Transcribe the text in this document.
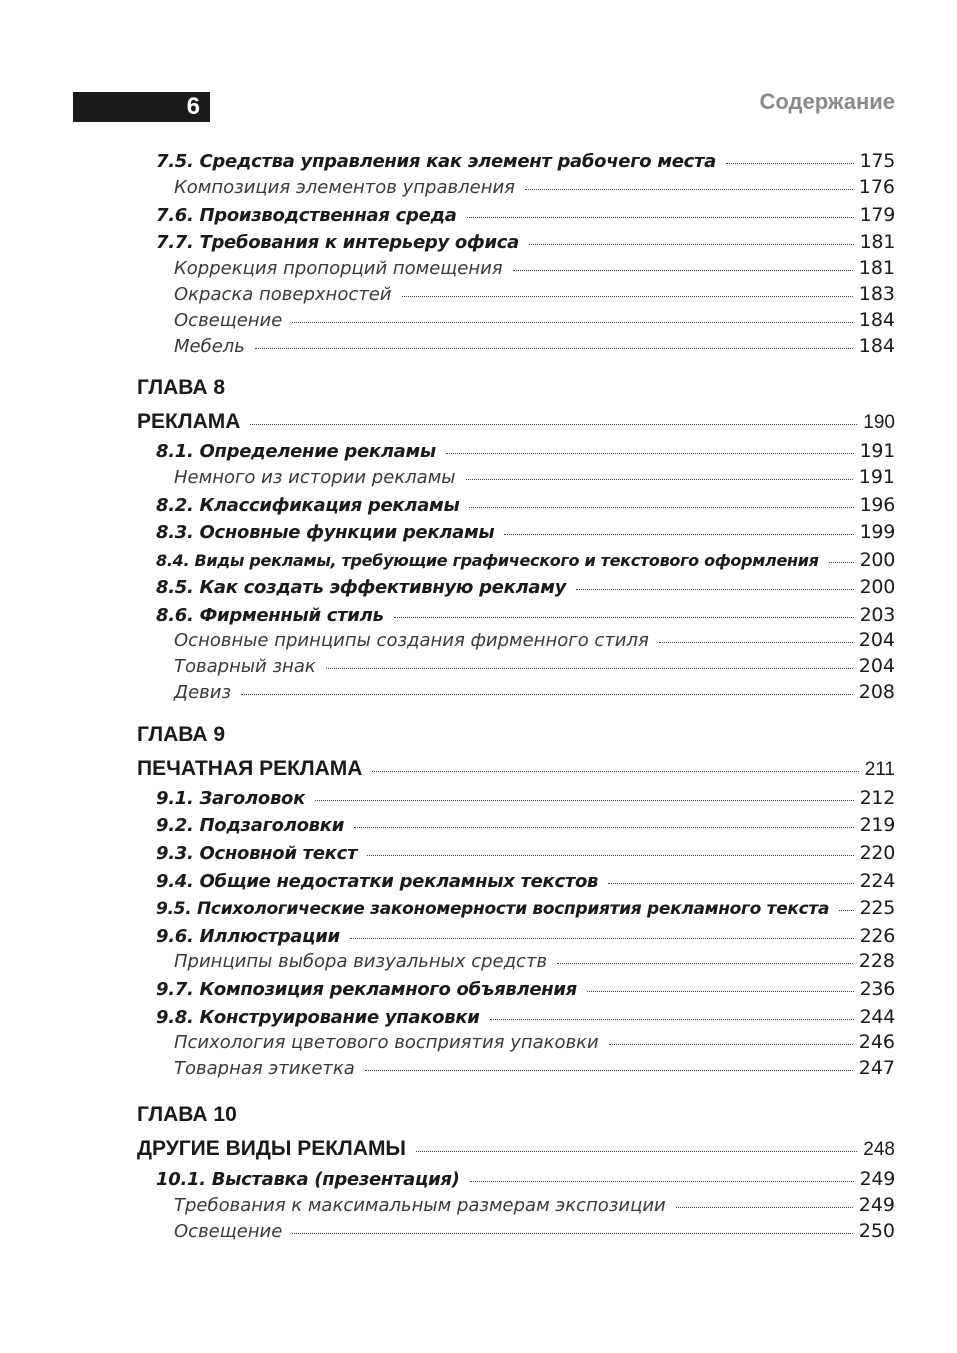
6	Содержание
7.5. Средства управления как элемент рабочего места	175
Композиция элементов управления	176
7.6. Производственная среда	179
7.7. Требования к интерьеру офиса	181
Коррекция пропорций помещения	181
Окраска поверхностей	183
Освещение	184
Мебель	184
ГЛАВА 8
РЕКЛАМА	190
8.1. Определение рекламы	191
Немного из истории рекламы	191
8.2. Классификация рекламы	196
8.3. Основные функции рекламы	199
8.4. Виды рекламы, требующие графического и текстового оформления 200
8.5. Как создать эффективную рекламу	200
8.6. Фирменный стиль	203
Основные принципы создания фирменного стиля	204
Товарный знак	204
Девиз	208
ГЛАВА 9
ПЕЧАТНАЯ РЕКЛАМА	211
9.1. Заголовок	212
9.2. Подзаголовки	219
9.3. Основной текст	220
9.4. Общие недостатки рекламных текстов	224
9.5. Психологические закономерности восприятия рекламного текста 225
9.6. Иллюстрации	226
Принципы выбора визуальных средств	228
9.7. Композиция рекламного объявления	236
9.8. Конструирование упаковки	244
Психология цветового восприятия упаковки	246
Товарная этикетка	247
ГЛАВА 10
ДРУГИЕ ВИДЫ РЕКЛАМЫ	248
10.1. Выставка (презентация)	249
Требования к максимальным размерам экспозиции	249
Освещение	250
